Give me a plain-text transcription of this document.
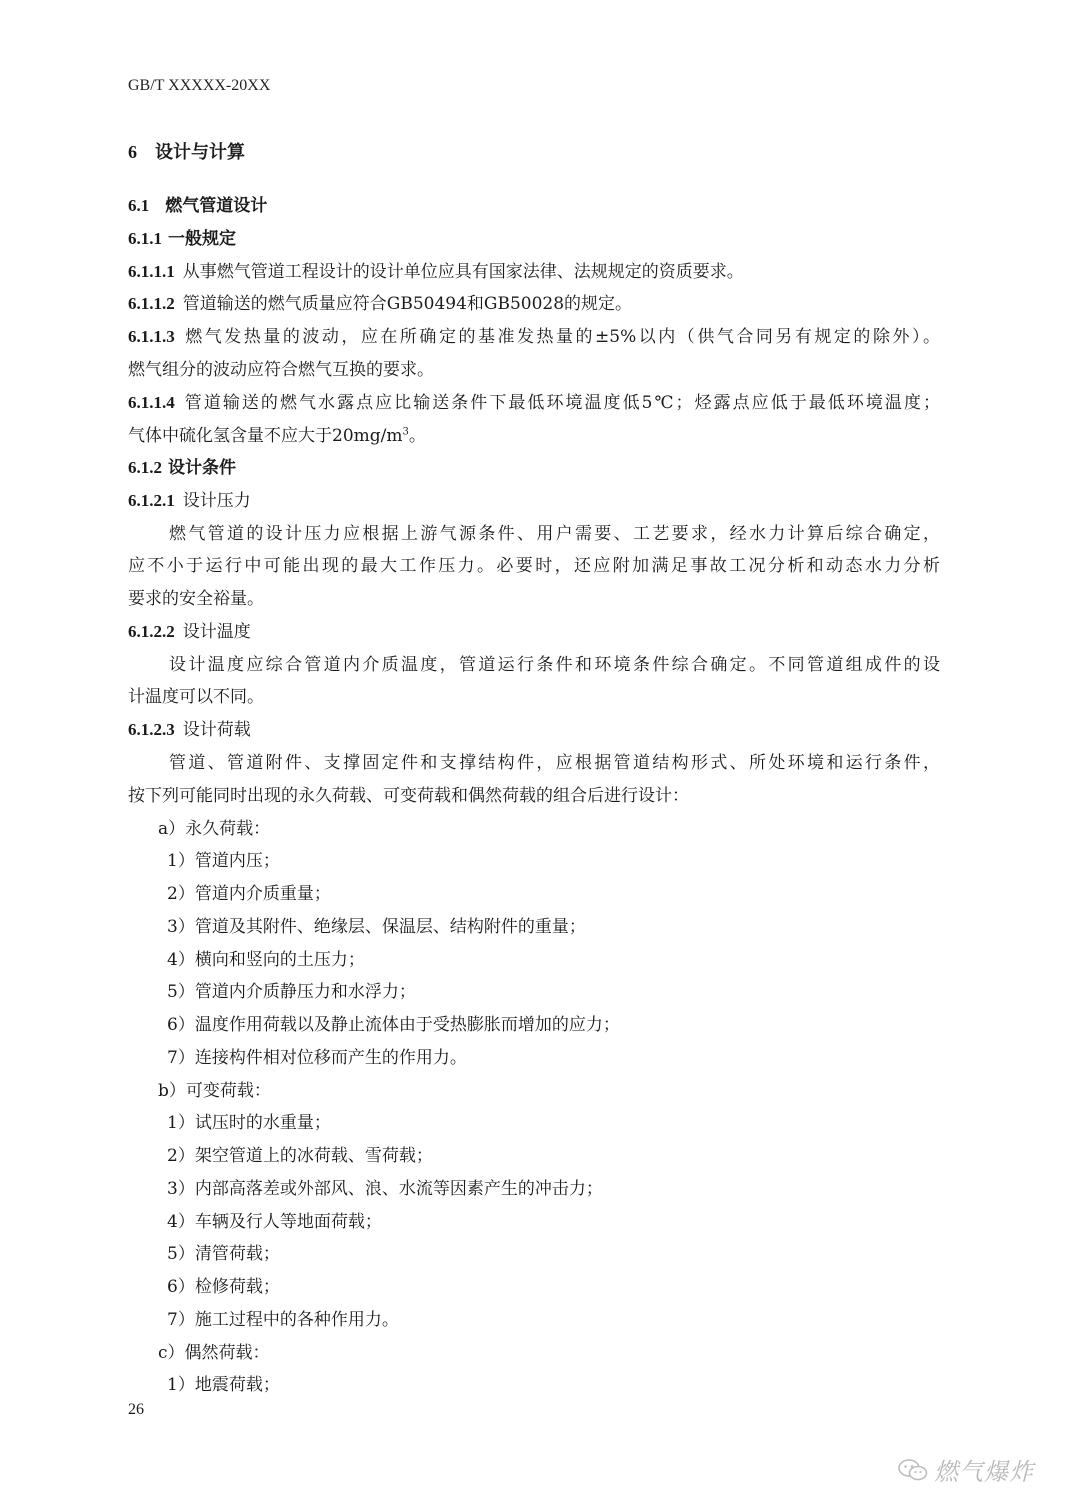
GB/T XXXXX-20XX
6 设计与计算
6.1 燃气管道设计
6.1.1 一般规定
6.1.1.1 从事燃气管道工程设计的设计单位应具有国家法律、法规规定的资质要求。
6.1.1.2 管道输送的燃气质量应符合GB50494和GB50028的规定。
6.1.1.3 燃气发热量的波动，应在所确定的基准发热量的±5%以内（供气合同另有规定的除外）。
燃气组分的波动应符合燃气互换的要求。
6.1.1.4 管道输送的燃气水露点应比输送条件下最低环境温度低5℃；烃露点应低于最低环境温度；
气体中硫化氢含量不应大于$20mg/m^3$。
6.1.2 设计条件
6.1.2.1 设计压力
燃气管道的设计压力应根据上游气源条件、用户需要、工艺要求，经水力计算后综合确定，
应不小于运行中可能出现的最大工作压力。必要时，还应附加满足事故工况分析和动态水力分析
要求的安全裕量。
6.1.2.2 设计温度
设计温度应综合管道内介质温度，管道运行条件和环境条件综合确定。不同管道组成件的设
计温度可以不同。
6.1.2.3 设计荷载
管道、管道附件、支撑固定件和支撑结构件，应根据管道结构形式、所处环境和运行条件，
按下列可能同时出现的永久荷载、可变荷载和偶然荷载的组合后进行设计：
a）永久荷载：
1）管道内压；
2）管道内介质重量；
3）管道及其附件、绝缘层、保温层、结构附件的重量；
4）横向和竖向的土压力；
5）管道内介质静压力和水浮力；
6）温度作用荷载以及静止流体由于受热膨胀而增加的应力；
7）连接构件相对位移而产生的作用力。
b）可变荷载：
1）试压时的水重量；
2）架空管道上的冰荷载、雪荷载；
3）内部高落差或外部风、浪、水流等因素产生的冲击力；
4）车辆及行人等地面荷载；
5）清管荷载；
6）检修荷载；
7）施工过程中的各种作用力。
c）偶然荷载：
1）地震荷载；
26
燃气爆炸
